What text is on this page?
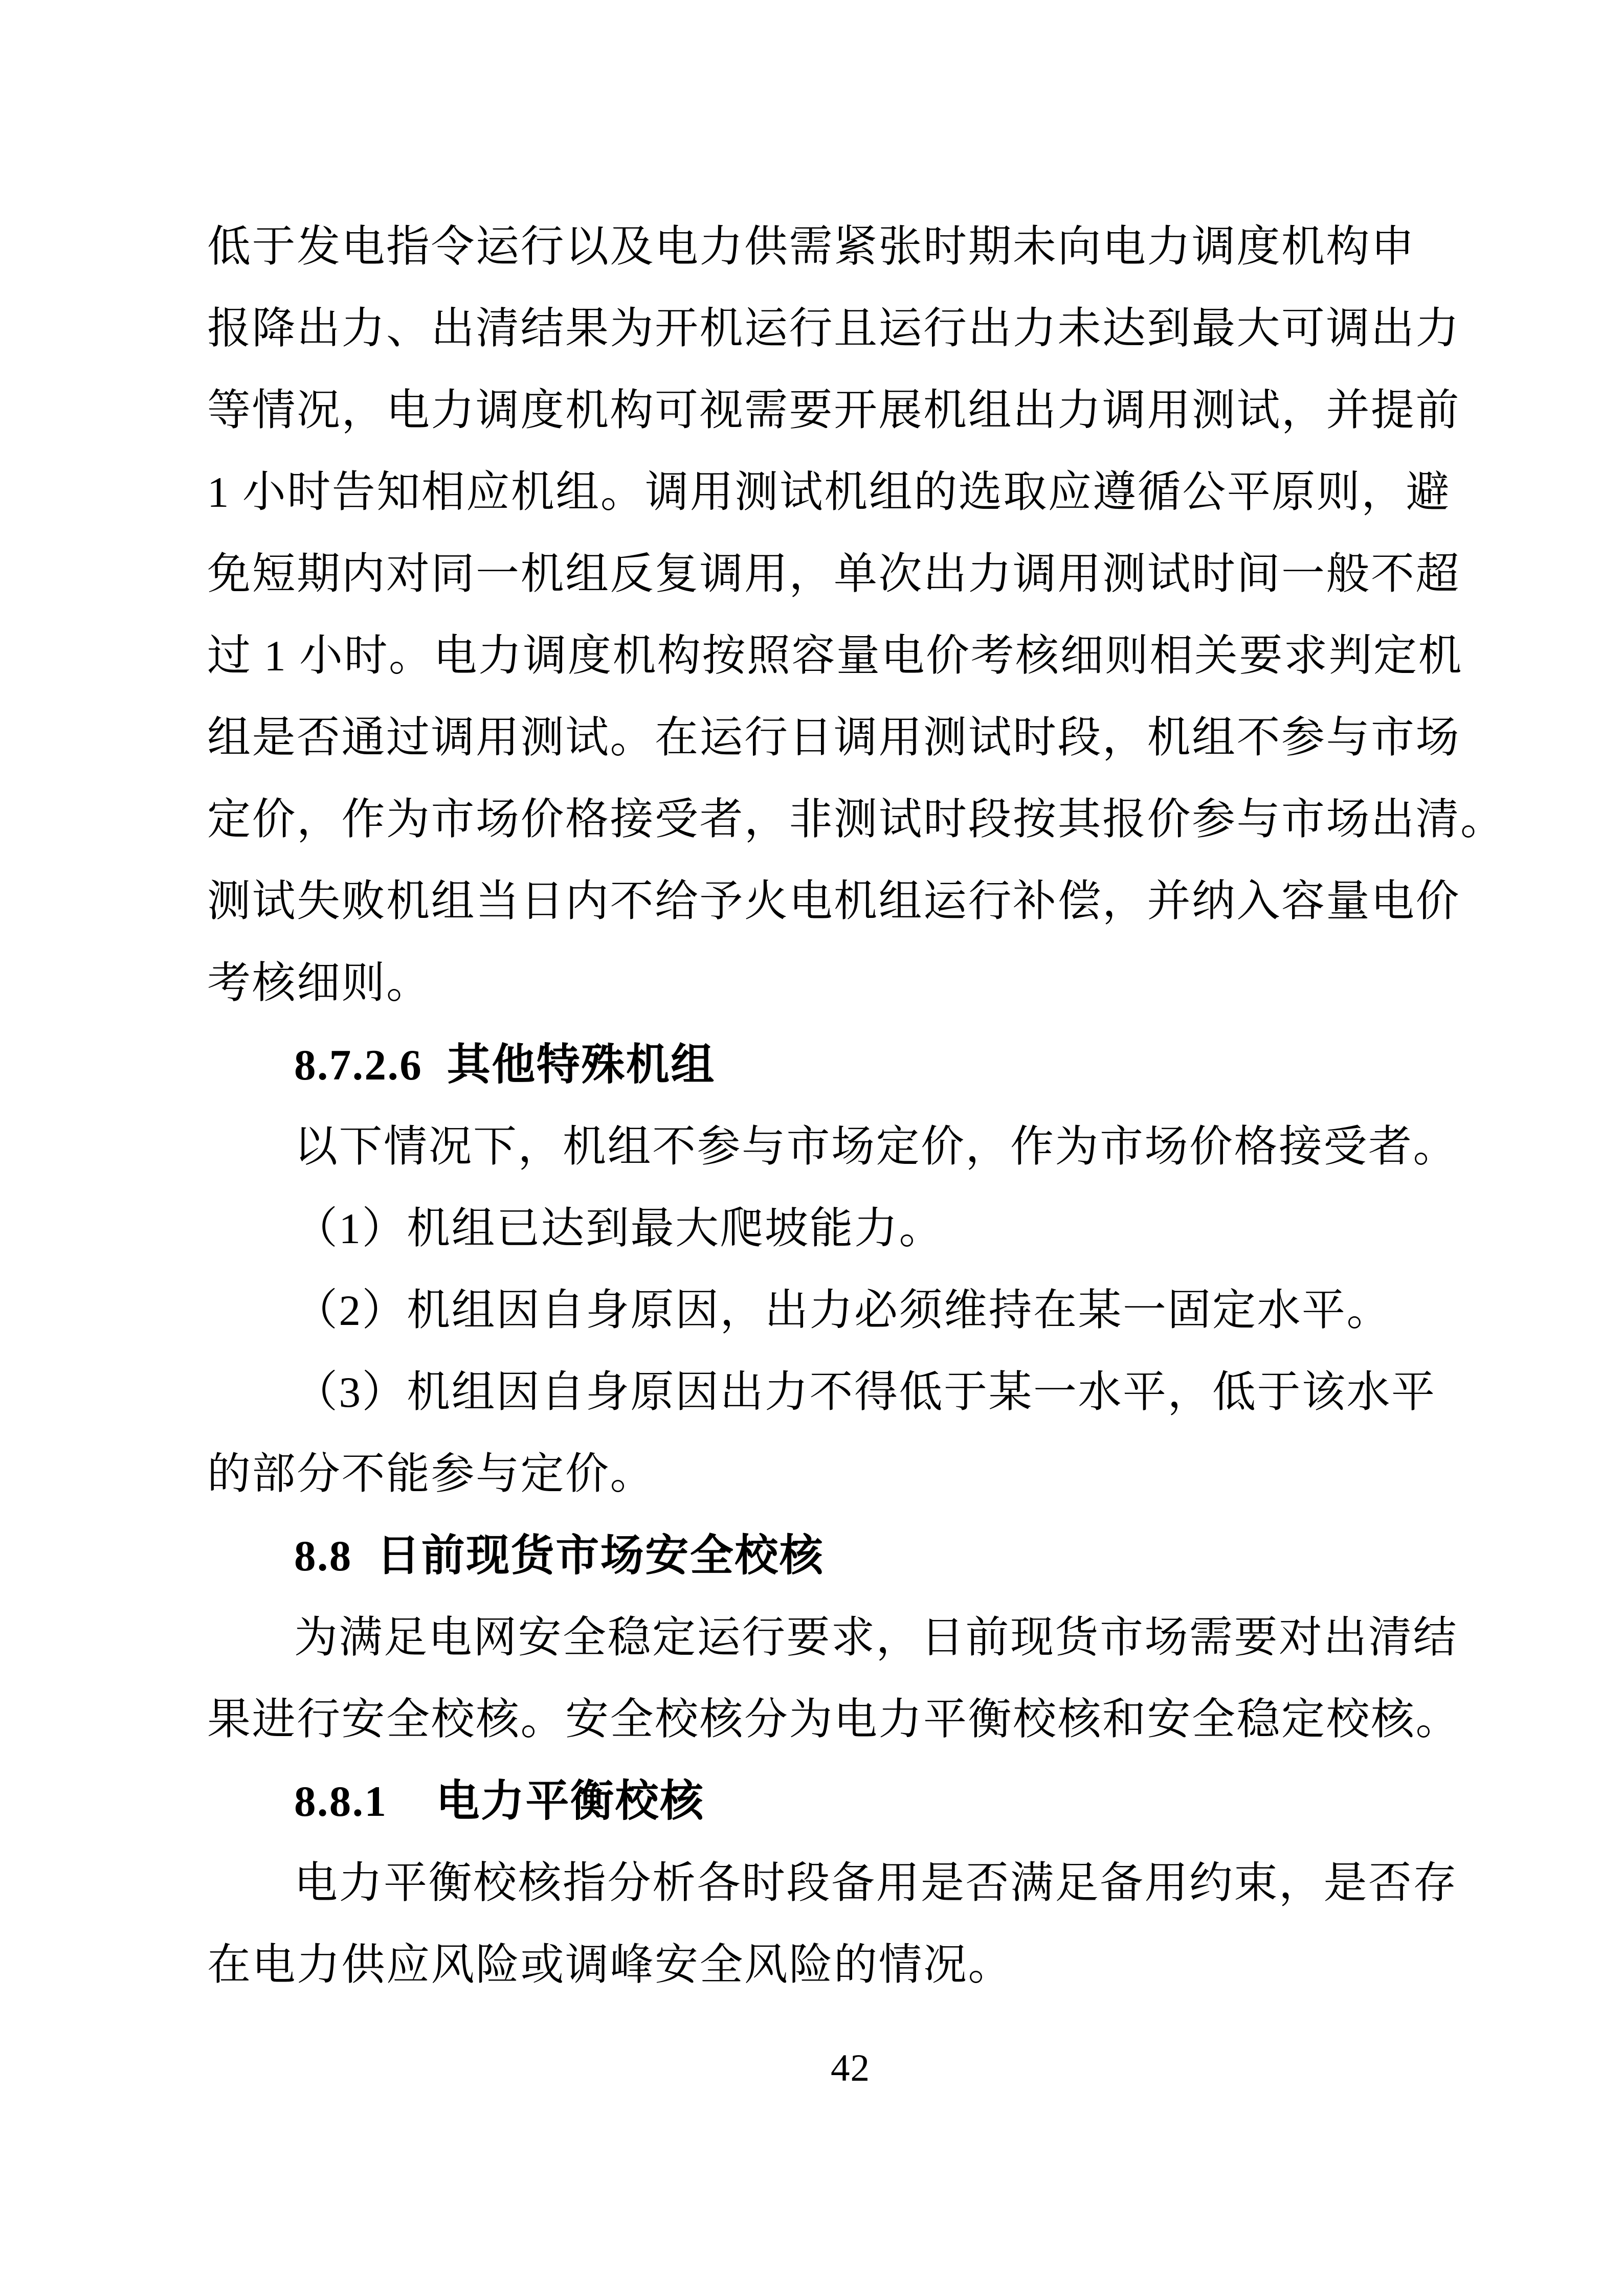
低于发电指令运行以及电力供需紧张时期未向电力调度机构申
报降出力、出清结果为开机运行且运行出力未达到最大可调出力
等情况，电力调度机构可视需要开展机组出力调用测试，并提前
1 小时告知相应机组。调用测试机组的选取应遵循公平原则，避
免短期内对同一机组反复调用，单次出力调用测试时间一般不超
过 1 小时。电力调度机构按照容量电价考核细则相关要求判定机
组是否通过调用测试。在运行日调用测试时段，机组不参与市场
定价，作为市场价格接受者，非测试时段按其报价参与市场出清。
测试失败机组当日内不给予火电机组运行补偿，并纳入容量电价
考核细则。
8.7.2.6  其他特殊机组
以下情况下，机组不参与市场定价，作为市场价格接受者。
（1）机组已达到最大爬坡能力。
（2）机组因自身原因，出力必须维持在某一固定水平。
（3）机组因自身原因出力不得低于某一水平，低于该水平
的部分不能参与定价。
8.8  日前现货市场安全校核
为满足电网安全稳定运行要求，日前现货市场需要对出清结
果进行安全校核。安全校核分为电力平衡校核和安全稳定校核。
8.8.1    电力平衡校核
电力平衡校核指分析各时段备用是否满足备用约束，是否存
在电力供应风险或调峰安全风险的情况。
42
